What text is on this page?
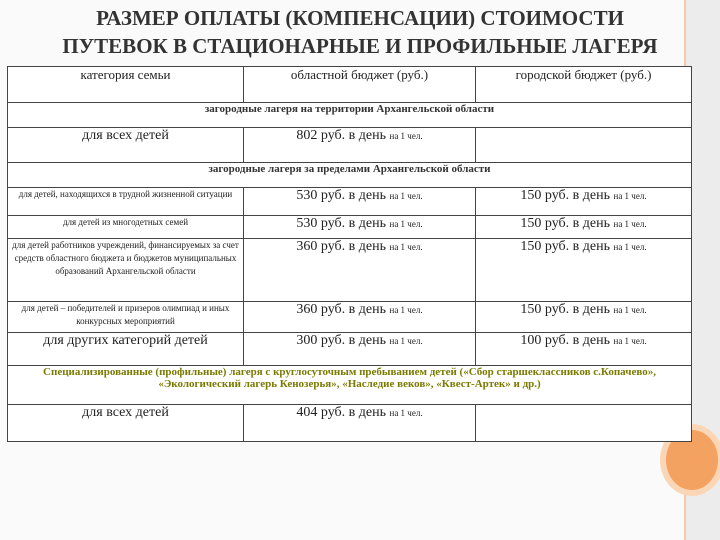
РАЗМЕР ОПЛАТЫ (КОМПЕНСАЦИИ) СТОИМОСТИ
ПУТЕВОК В СТАЦИОНАРНЫЕ И ПРОФИЛЬНЫЕ ЛАГЕРЯ
категория семьи	областной бюджет (руб.)	городской бюджет (руб.)
загородные лагеря на территории Архангельской области		
для всех детей	802 руб. в день на 1 чел.	
загородные лагеря за пределами Архангельской области		
для детей, находящихся в трудной жизненной ситуации	530 руб. в день на 1 чел.	150 руб. в день на 1 чел.
для детей из многодетных семей	530 руб. в день на 1 чел.	150 руб. в день на 1 чел.
для детей работников учреждений, финансируемых за счет средств областного бюджета и бюджетов муниципальных образований Архангельской области	360 руб. в день на 1 чел.	150 руб. в день на 1 чел.
для детей – победителей и призеров олимпиад и иных конкурсных мероприятий	360 руб. в день на 1 чел.	150 руб. в день на 1 чел.
для других категорий детей	300 руб. в день на 1 чел.	100 руб. в день на 1 чел.
Специализированные (профильные) лагеря с круглосуточным пребыванием детей («Сбор старшеклассников с.Копачево», «Экологический лагерь Кенозерья», «Наследие веков», «Квест-Артек» и др.)		
для всех детей	404 руб. в день на 1 чел.	
